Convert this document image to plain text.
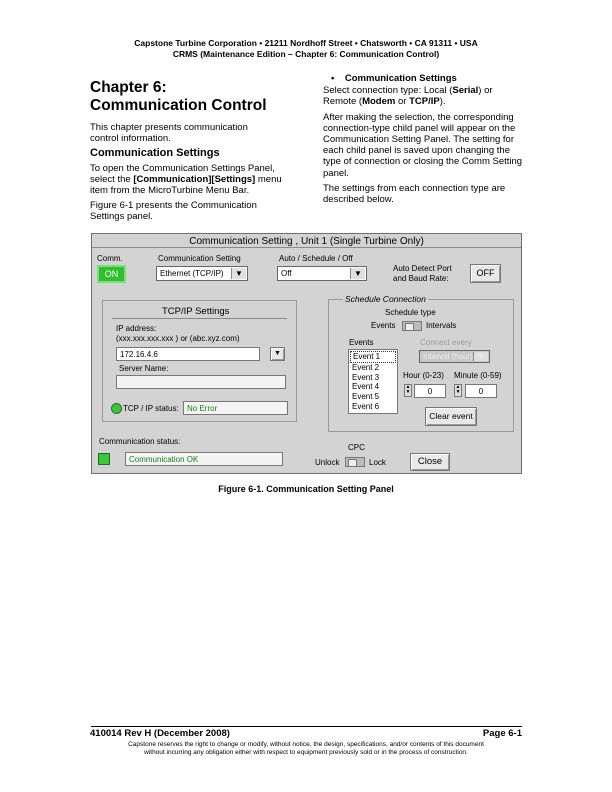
Capstone Turbine Corporation • 21211 Nordhoff Street • Chatsworth • CA 91311 • USA
CRMS (Maintenance Edition – Chapter 6: Communication Control)
Chapter 6: Communication Control

This chapter presents communication control information.

Communication Settings

To open the Communication Settings Panel, select the [Communication][Settings] menu item from the MicroTurbine Menu Bar.

Figure 6-1 presents the Communication Settings panel.

•    Communication Settings

Select connection type: Local (Serial) or Remote (Modem or TCP/IP).

After making the selection, the corresponding connection-type child panel will appear on the Communication Setting Panel. The setting for each child panel is saved upon changing the type of connection or closing the Comm Setting panel.

The settings from each connection type are described below.

Communication Setting , Unit 1 (Single Turbine Only)
Comm.
ON
Communication Setting
Ethernet (TCP/IP)	▼
Auto / Schedule / Off
Off	▼
Auto Detect Port and Baud Rate:
OFF
TCP/IP Settings
IP address:
(xxx.xxx.xxx.xxx ) or (abc.xyz.com)
172.16.4.6	▼
Server Name:
TCP / IP status:	No Error
Schedule Connection
Schedule type
Events	Intervals
Events
Event 1
Event 2
Event 3
Event 4
Event 5
Event 6
Connect every
Interval (hour) ▼
Hour (0-23) Minute (0-59)
▲
▼	0	▲
▼	0
Clear event
Communication status:
Communication OK
CPC
Unlock	Lock	Close
Figure 6-1. Communication Setting Panel
410014 Rev H (December 2008)	Page 6-1
Capstone reserves the right to change or modify, without notice, the design, specifications, and/or contents of this document
without incurring any obligation either with respect to equipment previously sold or in the process of construction.
